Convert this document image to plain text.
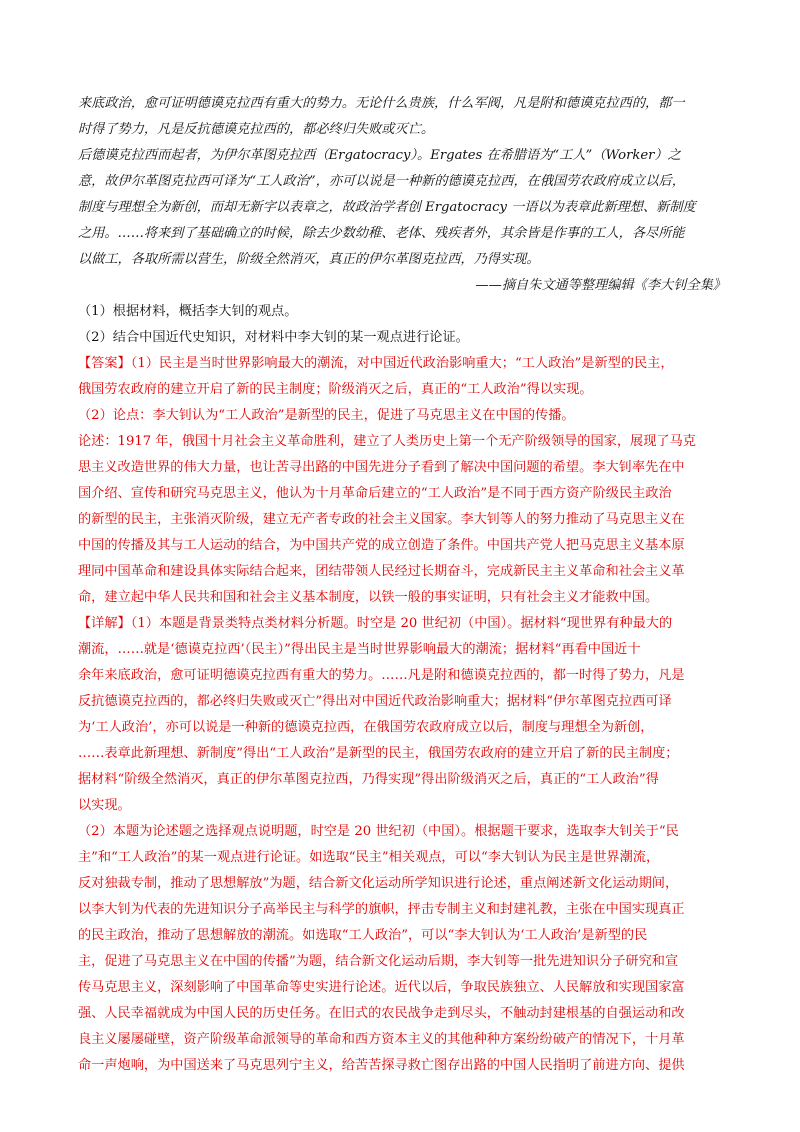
来底政治，愈可证明德谟克拉西有重大的势力。无论什么贵族，什么军阀，凡是附和德谟克拉西的，都一
时得了势力，凡是反抗德谟克拉西的，都必终归失败或灭亡。
后德谟克拉西而起者，为伊尔革图克拉西（Ergatocracy）。Ergates 在希腊语为“工人”（Worker）之
意，故伊尔革图克拉西可译为“工人政治”，亦可以说是一种新的德谟克拉西，在俄国劳农政府成立以后，
制度与理想全为新创，而却无新字以表章之，故政治学者创 Ergatocracy 一语以为表章此新理想、新制度
之用。……将来到了基础确立的时候，除去少数幼稚、老体、残疾者外，其余皆是作事的工人，各尽所能
以做工，各取所需以营生，阶级全然消灭，真正的伊尔革图克拉西，乃得实现。
——摘自朱文通等整理编辑《李大钊全集》
（1）根据材料，概括李大钊的观点。
（2）结合中国近代史知识，对材料中李大钊的某一观点进行论证。
【答案】（1）民主是当时世界影响最大的潮流，对中国近代政治影响重大；“工人政治”是新型的民主，
俄国劳农政府的建立开启了新的民主制度；阶级消灭之后，真正的“工人政治”得以实现。
（2）论点：李大钊认为“工人政治”是新型的民主，促进了马克思主义在中国的传播。
论述：1917 年，俄国十月社会主义革命胜利，建立了人类历史上第一个无产阶级领导的国家，展现了马克
思主义改造世界的伟大力量，也让苦寻出路的中国先进分子看到了解决中国问题的希望。李大钊率先在中
国介绍、宣传和研究马克思主义，他认为十月革命后建立的“工人政治”是不同于西方资产阶级民主政治
的新型的民主，主张消灭阶级，建立无产者专政的社会主义国家。李大钊等人的努力推动了马克思主义在
中国的传播及其与工人运动的结合，为中国共产党的成立创造了条件。中国共产党人把马克思主义基本原
理同中国革命和建设具体实际结合起来，团结带领人民经过长期奋斗，完成新民主主义革命和社会主义革
命，建立起中华人民共和国和社会主义基本制度，以铁一般的事实证明，只有社会主义才能救中国。
【详解】（1）本题是背景类特点类材料分析题。时空是 20 世纪初（中国）。据材料“现世界有种最大的
潮流，……就是‘德谟克拉西’（民主）”得出民主是当时世界影响最大的潮流；据材料“再看中国近十
余年来底政治，愈可证明德谟克拉西有重大的势力。……凡是附和德谟克拉西的，都一时得了势力，凡是
反抗德谟克拉西的，都必终归失败或灭亡”得出对中国近代政治影响重大；据材料“伊尔革图克拉西可译
为‘工人政治’，亦可以说是一种新的德谟克拉西，在俄国劳农政府成立以后，制度与理想全为新创，
……表章此新理想、新制度”得出“工人政治”是新型的民主，俄国劳农政府的建立开启了新的民主制度；
据材料“阶级全然消灭，真正的伊尔革图克拉西，乃得实现”得出阶级消灭之后，真正的“工人政治”得
以实现。
（2）本题为论述题之选择观点说明题，时空是 20 世纪初（中国）。根据题干要求，选取李大钊关于“民
主”和“工人政治”的某一观点进行论证。如选取“民主”相关观点，可以“李大钊认为民主是世界潮流，
反对独裁专制，推动了思想解放”为题，结合新文化运动所学知识进行论述，重点阐述新文化运动期间，
以李大钊为代表的先进知识分子高举民主与科学的旗帜，抨击专制主义和封建礼教，主张在中国实现真正
的民主政治，推动了思想解放的潮流。如选取“工人政治”，可以“李大钊认为‘工人政治’是新型的民
主，促进了马克思主义在中国的传播”为题，结合新文化运动后期，李大钊等一批先进知识分子研究和宣
传马克思主义，深刻影响了中国革命等史实进行论述。近代以后，争取民族独立、人民解放和实现国家富
强、人民幸福就成为中国人民的历史任务。在旧式的农民战争走到尽头，不触动封建根基的自强运动和改
良主义屡屡碰壁，资产阶级革命派领导的革命和西方资本主义的其他种种方案纷纷破产的情况下，十月革
命一声炮响，为中国送来了马克思列宁主义，给苦苦探寻救亡图存出路的中国人民指明了前进方向、提供
